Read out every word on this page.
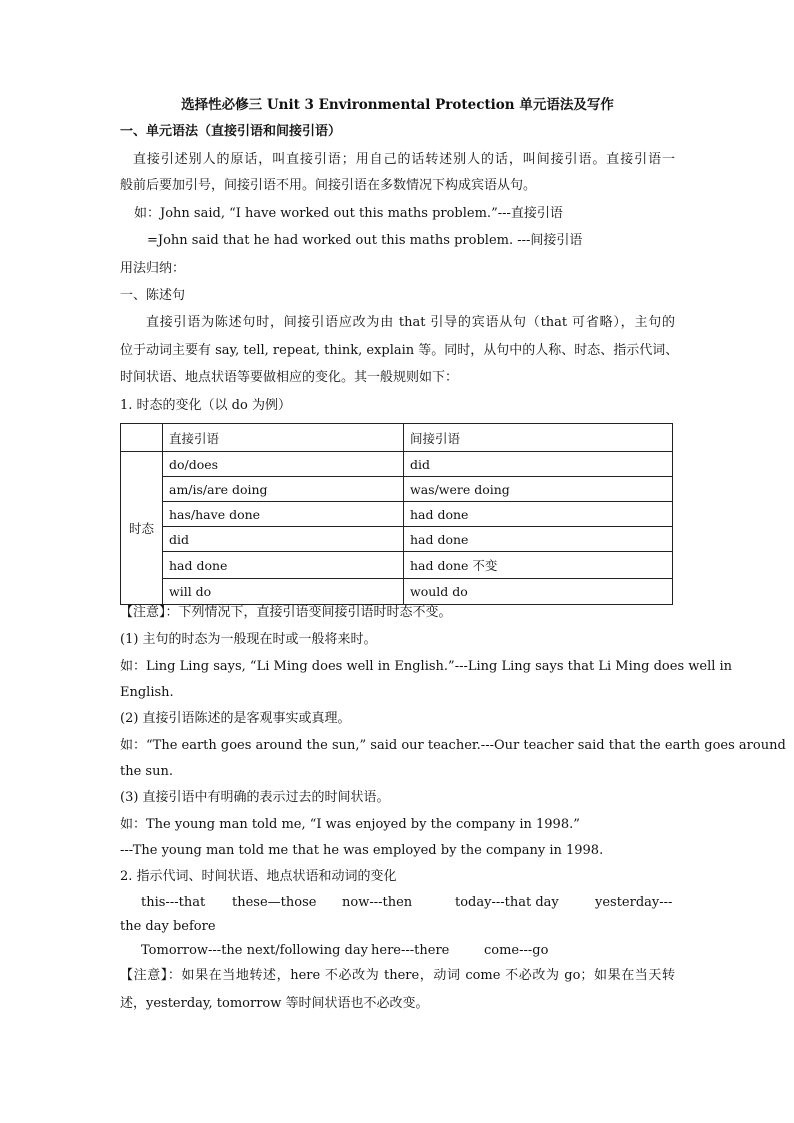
选择性必修三 Unit 3 Environmental Protection 单元语法及写作
一、单元语法（直接引语和间接引语）
直接引述别人的原话，叫直接引语；用自己的话转述别人的话，叫间接引语。直接引语一
般前后要加引号，间接引语不用。间接引语在多数情况下构成宾语从句。
如：John said, “I have worked out this maths problem.”---直接引语
=John said that he had worked out this maths problem. ---间接引语
用法归纳：
一、陈述句
直接引语为陈述句时，间接引语应改为由 that 引导的宾语从句（that 可省略），主句的
位于动词主要有 say, tell, repeat, think, explain 等。同时，从句中的人称、时态、指示代词、
时间状语、地点状语等要做相应的变化。其一般规则如下：
1. 时态的变化（以 do 为例）
	直接引语	间接引语
时态	do/does	did
	am/is/are doing	was/were doing
	has/have done	had done
	did	had done
	had done	had done 不变
	will do	would do
【注意】：下列情况下，直接引语变间接引语时时态不变。
(1) 主句的时态为一般现在时或一般将来时。
如：Ling Ling says, “Li Ming does well in English.”---Ling Ling says that Li Ming does well in
English.
(2) 直接引语陈述的是客观事实或真理。
如：“The earth goes around the sun,” said our teacher.---Our teacher said that the earth goes around
the sun.
(3) 直接引语中有明确的表示过去的时间状语。
如：The young man told me, “I was enjoyed by the company in 1998.”
---The young man told me that he was employed by the company in 1998.
2. 指示代词、时间状语、地点状语和动词的变化
this---that these—those now---then	today---that day	yesterday---
the day before
Tomorrow---the next/following day here---there	come---go
【注意】：如果在当地转述，here 不必改为 there，动词 come 不必改为 go；如果在当天转
述，yesterday, tomorrow 等时间状语也不必改变。
